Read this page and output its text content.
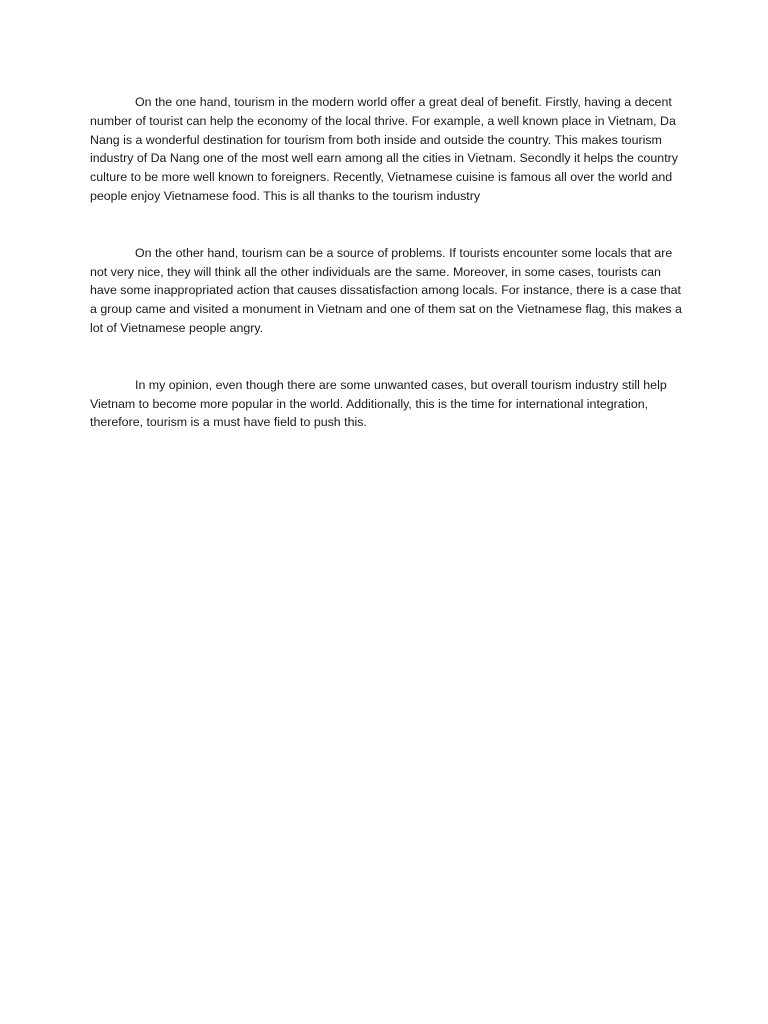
On the one hand, tourism in the modern world offer a great deal of benefit. Firstly, having a decent number of tourist can help the economy of the local thrive. For example, a well known place in Vietnam, Da Nang is a wonderful destination for tourism from both inside and outside the country. This makes tourism industry of Da Nang one of the most well earn among all the cities in Vietnam. Secondly it helps the country culture to be more well known to foreigners. Recently, Vietnamese cuisine is famous all over the world and people enjoy Vietnamese food. This is all thanks to the tourism industry

On the other hand, tourism can be a source of problems. If tourists encounter some locals that are not very nice, they will think all the other individuals are the same. Moreover, in some cases, tourists can have some inappropriated action that causes dissatisfaction among locals. For instance, there is a case that a group came and visited a monument in Vietnam and one of them sat on the Vietnamese flag, this makes a lot of Vietnamese people angry.

In my opinion, even though there are some unwanted cases, but overall tourism industry still help Vietnam to become more popular in the world. Additionally, this is the time for international integration, therefore, tourism is a must have field to push this.
